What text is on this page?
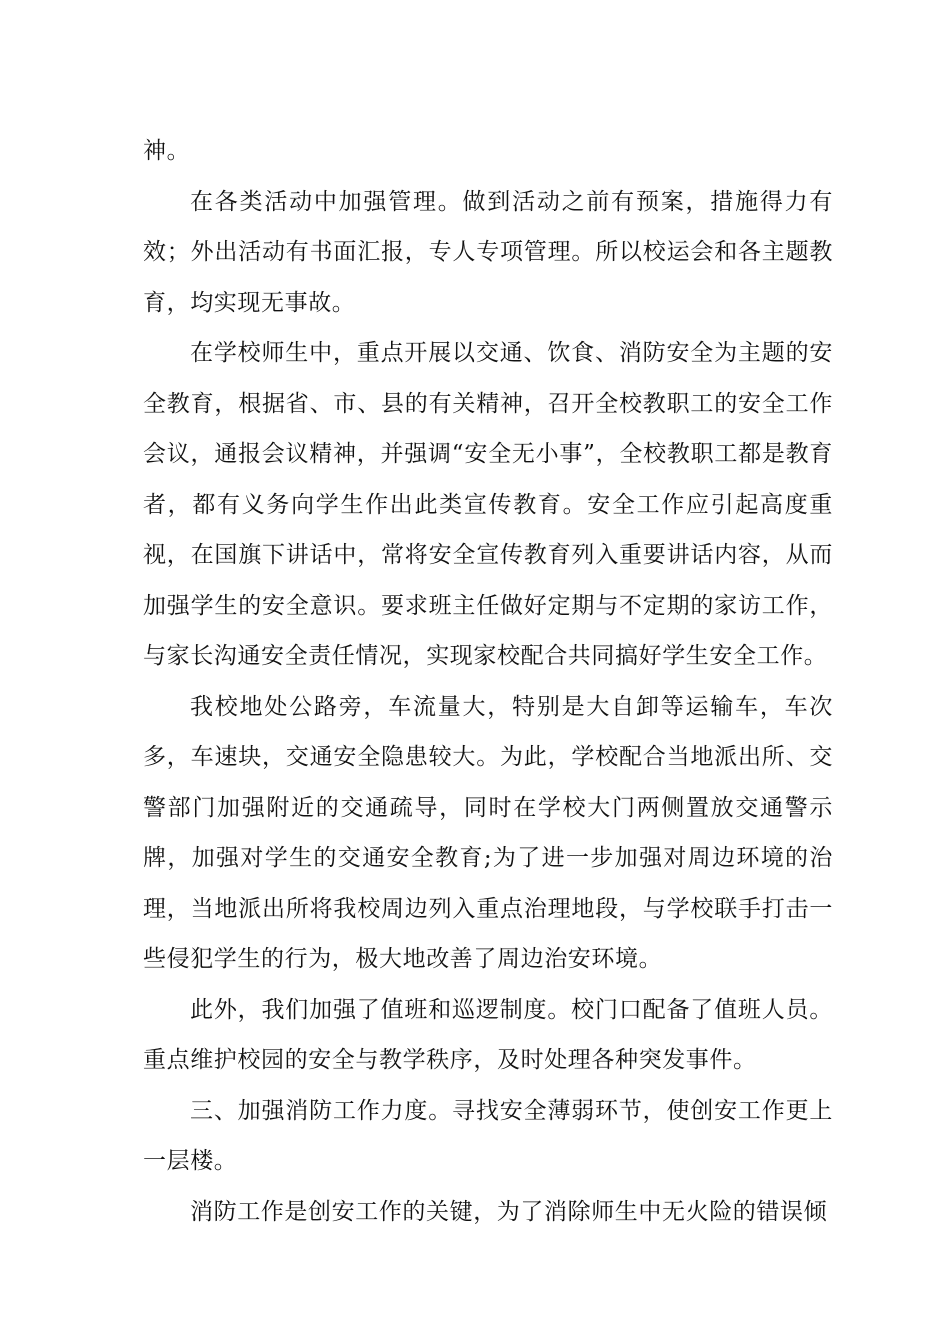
神。

在各类活动中加强管理。做到活动之前有预案，措施得力有效；外出活动有书面汇报，专人专项管理。所以校运会和各主题教育，均实现无事故。

在学校师生中，重点开展以交通、饮食、消防安全为主题的安全教育，根据省、市、县的有关精神，召开全校教职工的安全工作会议，通报会议精神，并强调“安全无小事”，全校教职工都是教育者，都有义务向学生作出此类宣传教育。安全工作应引起高度重视，在国旗下讲话中，常将安全宣传教育列入重要讲话内容，从而加强学生的安全意识。要求班主任做好定期与不定期的家访工作，与家长沟通安全责任情况，实现家校配合共同搞好学生安全工作。

我校地处公路旁，车流量大，特别是大自卸等运输车，车次多，车速块，交通安全隐患较大。为此，学校配合当地派出所、交警部门加强附近的交通疏导，同时在学校大门两侧置放交通警示牌，加强对学生的交通安全教育;为了进一步加强对周边环境的治理，当地派出所将我校周边列入重点治理地段，与学校联手打击一些侵犯学生的行为，极大地改善了周边治安环境。

此外，我们加强了值班和巡逻制度。校门口配备了值班人员。重点维护校园的安全与教学秩序，及时处理各种突发事件。

三、加强消防工作力度。寻找安全薄弱环节，使创安工作更上一层楼。

消防工作是创安工作的关键，为了消除师生中无火险的错误倾
